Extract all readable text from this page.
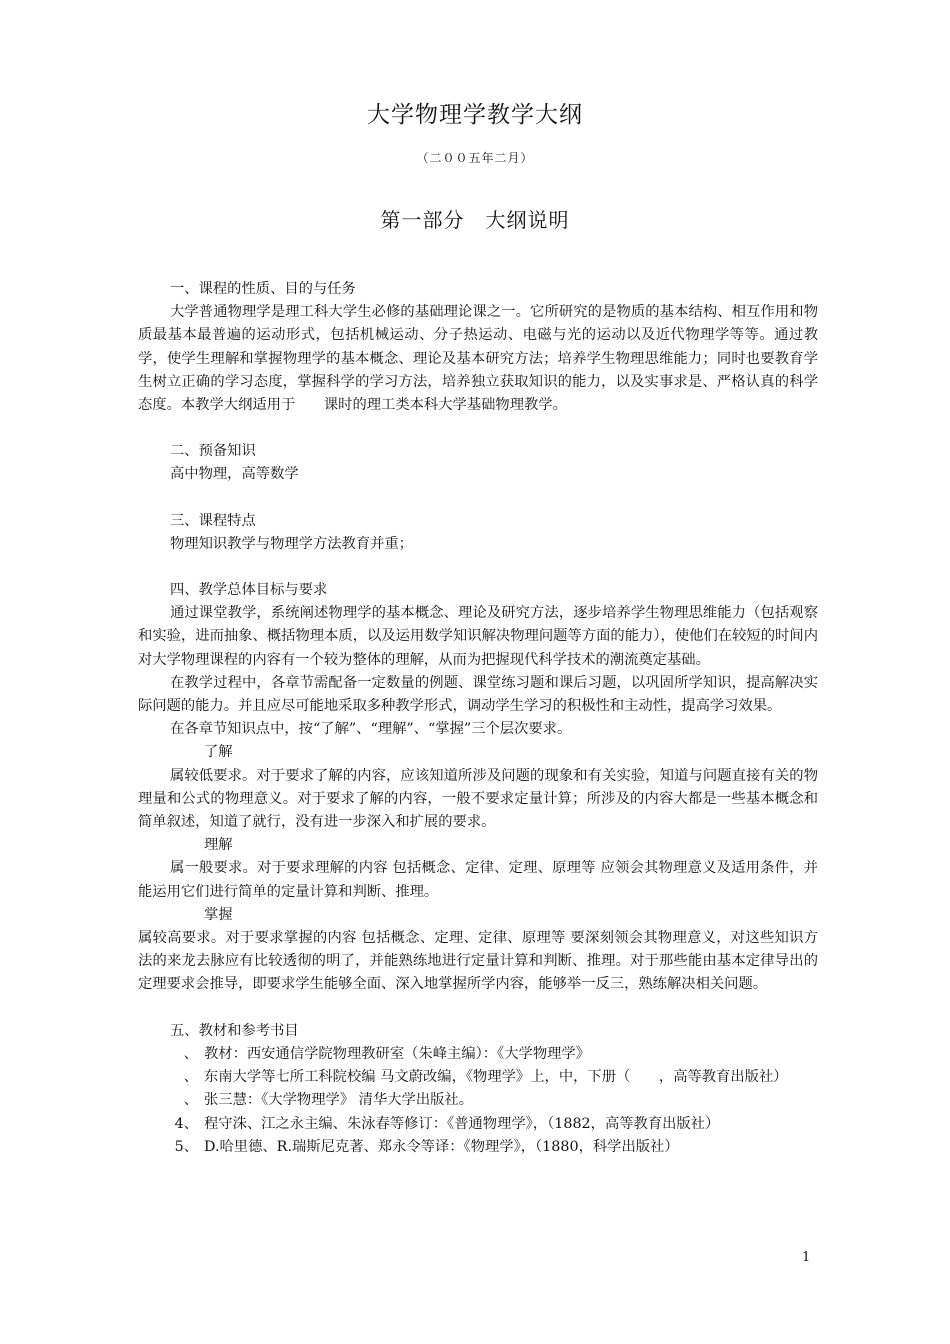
大学物理学教学大纲
（二００五年二月）
第一部分　大纲说明

一、课程的性质、目的与任务

大学普通物理学是理工科大学生必修的基础理论课之一。它所研究的是物质的基本结构、相互作用和物质最基本最普遍的运动形式，包括机械运动、分子热运动、电磁与光的运动以及近代物理学等等。通过教学，使学生理解和掌握物理学的基本概念、理论及基本研究方法；培养学生物理思维能力；同时也要教育学生树立正确的学习态度，掌握科学的学习方法，培养独立获取知识的能力，以及实事求是、严格认真的科学态度。本教学大纲适用于　　课时的理工类本科大学基础物理教学。

二、预备知识

高中物理，高等数学

三、课程特点

物理知识教学与物理学方法教育并重；

四、教学总体目标与要求

通过课堂教学，系统阐述物理学的基本概念、理论及研究方法，逐步培养学生物理思维能力（包括观察和实验，进而抽象、概括物理本质，以及运用数学知识解决物理问题等方面的能力），使他们在较短的时间内对大学物理课程的内容有一个较为整体的理解，从而为把握现代科学技术的潮流奠定基础。

在教学过程中，各章节需配备一定数量的例题、课堂练习题和课后习题，以巩固所学知识，提高解决实际问题的能力。并且应尽可能地采取多种教学形式，调动学生学习的积极性和主动性，提高学习效果。

在各章节知识点中，按“了解”、“理解”、“掌握”三个层次要求。

了解

属较低要求。对于要求了解的内容，应该知道所涉及问题的现象和有关实验，知道与问题直接有关的物理量和公式的物理意义。对于要求了解的内容，一般不要求定量计算；所涉及的内容大都是一些基本概念和简单叙述，知道了就行，没有进一步深入和扩展的要求。

理解

属一般要求。对于要求理解的内容 包括概念、定律、定理、原理等 应领会其物理意义及适用条件，并能运用它们进行简单的定量计算和判断、推理。

掌握

属较高要求。对于要求掌握的内容 包括概念、定理、定律、原理等 要深刻领会其物理意义，对这些知识方法的来龙去脉应有比较透彻的明了，并能熟练地进行定量计算和判断、推理。对于那些能由基本定律导出的定理要求会推导，即要求学生能够全面、深入地掌握所学内容，能够举一反三，熟练解决相关问题。

五、教材和参考书目

、 教材：西安通信学院物理教研室（朱峰主编）：《大学物理学》
、 东南大学等七所工科院校编 马文蔚改编，《物理学》上，中，下册（　　，高等教育出版社）
、 张三慧：《大学物理学》 清华大学出版社。
4、 程守洙、江之永主编、朱泳春等修订：《普通物理学》，（1882，高等教育出版社）
5、 D.哈里德、R.瑞斯尼克著、郑永令等译：《物理学》，（1880，科学出版社）
1
